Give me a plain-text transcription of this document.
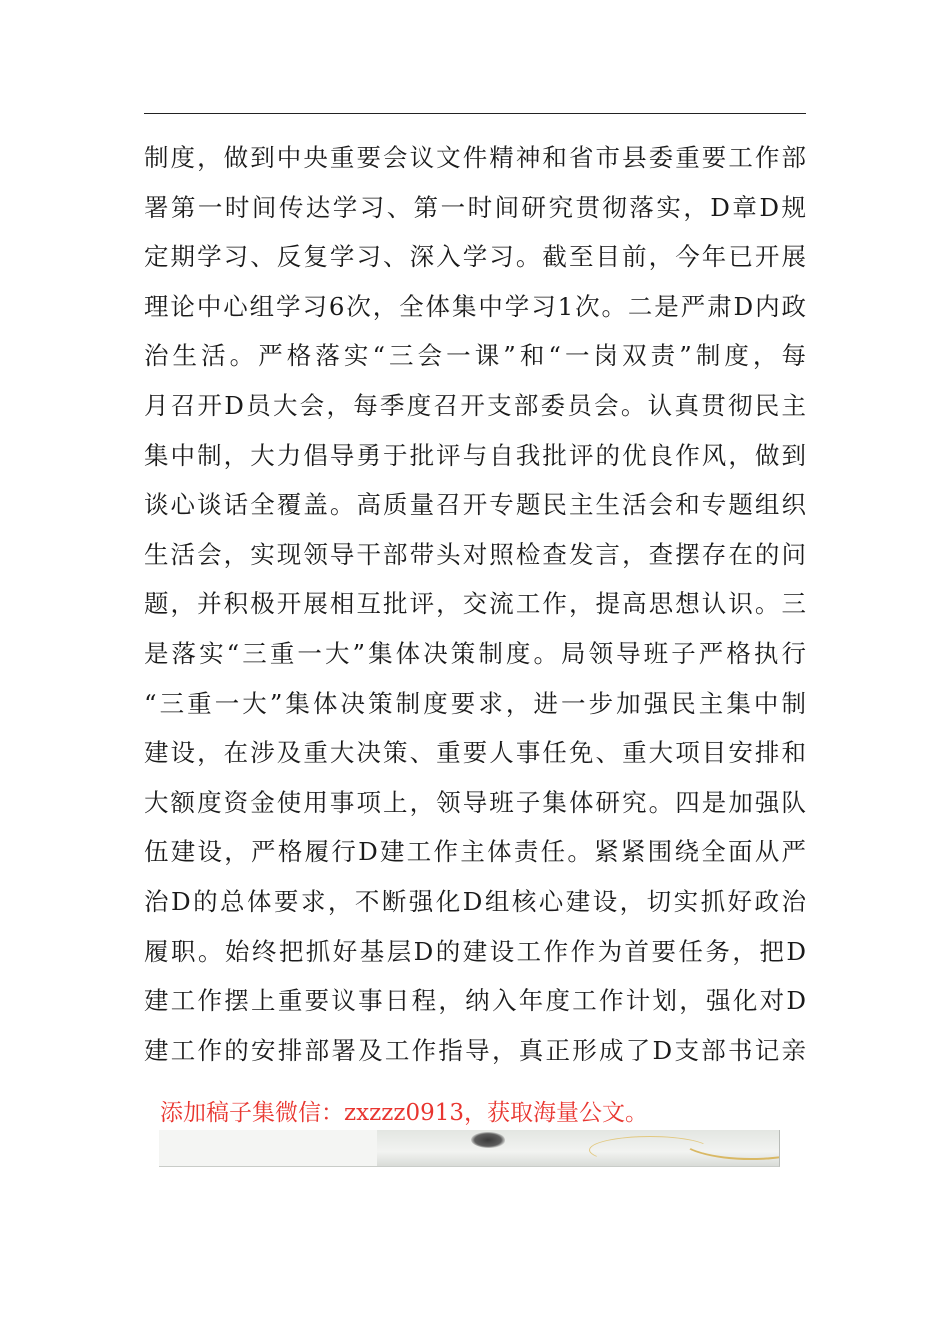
制度，做到中央重要会议文件精神和省市县委重要工作部
署第一时间传达学习、第一时间研究贯彻落实，D章D规
定期学习、反复学习、深入学习。截至目前，今年已开展
理论中心组学习6次，全体集中学习1次。二是严肃D内政
治生活。严格落实“三会一课”和“一岗双责”制度，每
月召开D员大会，每季度召开支部委员会。认真贯彻民主
集中制，大力倡导勇于批评与自我批评的优良作风，做到
谈心谈话全覆盖。高质量召开专题民主生活会和专题组织
生活会，实现领导干部带头对照检查发言，查摆存在的问
题，并积极开展相互批评，交流工作，提高思想认识。三
是落实“三重一大”集体决策制度。局领导班子严格执行
“三重一大”集体决策制度要求，进一步加强民主集中制
建设，在涉及重大决策、重要人事任免、重大项目安排和
大额度资金使用事项上，领导班子集体研究。四是加强队
伍建设，严格履行D建工作主体责任。紧紧围绕全面从严
治D的总体要求，不断强化D组核心建设，切实抓好政治
履职。始终把抓好基层D的建设工作作为首要任务，把D
建工作摆上重要议事日程，纳入年度工作计划，强化对D
建工作的安排部署及工作指导，真正形成了D支部书记亲
添加稿子集微信：zxzzz0913，获取海量公文。
